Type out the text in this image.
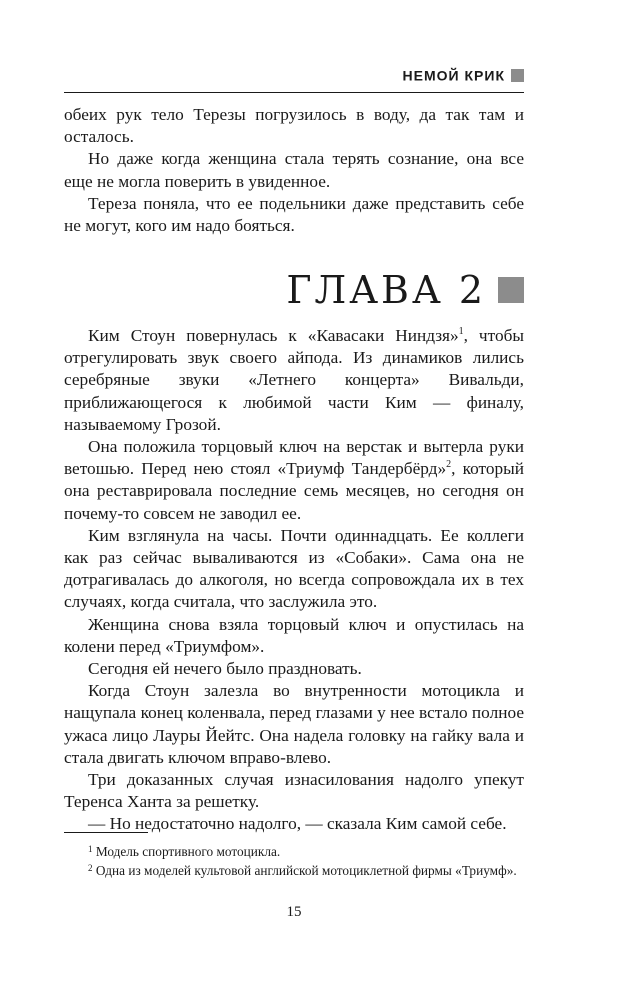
НЕМОЙ КРИК

обеих рук тело Терезы погрузилось в воду, да так там и осталось.

Но даже когда женщина стала терять сознание, она все еще не могла поверить в увиденное.

Тереза поняла, что ее подельники даже представить себе не могут, кого им надо бояться.

ГЛАВА 2

Ким Стоун повернулась к «Кавасаки Ниндзя»$^1$, чтобы отрегулировать звук своего айпода. Из динамиков лились серебряные звуки «Летнего концерта» Вивальди, приближающегося к любимой части Ким — финалу, называемому Грозой.

Она положила торцовый ключ на верстак и вытерла руки ветошью. Перед нею стоял «Триумф Тандербёрд»$^2$, который она реставрировала последние семь месяцев, но сегодня он почему-то совсем не заводил ее.

Ким взглянула на часы. Почти одиннадцать. Ее коллеги как раз сейчас вываливаются из «Собаки». Сама она не дотрагивалась до алкоголя, но всегда сопровождала их в тех случаях, когда считала, что заслужила это.

Женщина снова взяла торцовый ключ и опустилась на колени перед «Триумфом».

Сегодня ей нечего было праздновать.

Когда Стоун залезла во внутренности мотоцикла и нащупала конец коленвала, перед глазами у нее встало полное ужаса лицо Лауры Йейтс. Она надела головку на гайку вала и стала двигать ключом вправо-влево.

Три доказанных случая изнасилования надолго упекут Теренса Ханта за решетку.

— Но недостаточно надолго, — сказала Ким самой себе.

$^1$ Модель спортивного мотоцикла.

$^2$ Одна из моделей культовой английской мотоциклетной фирмы «Триумф».

15
